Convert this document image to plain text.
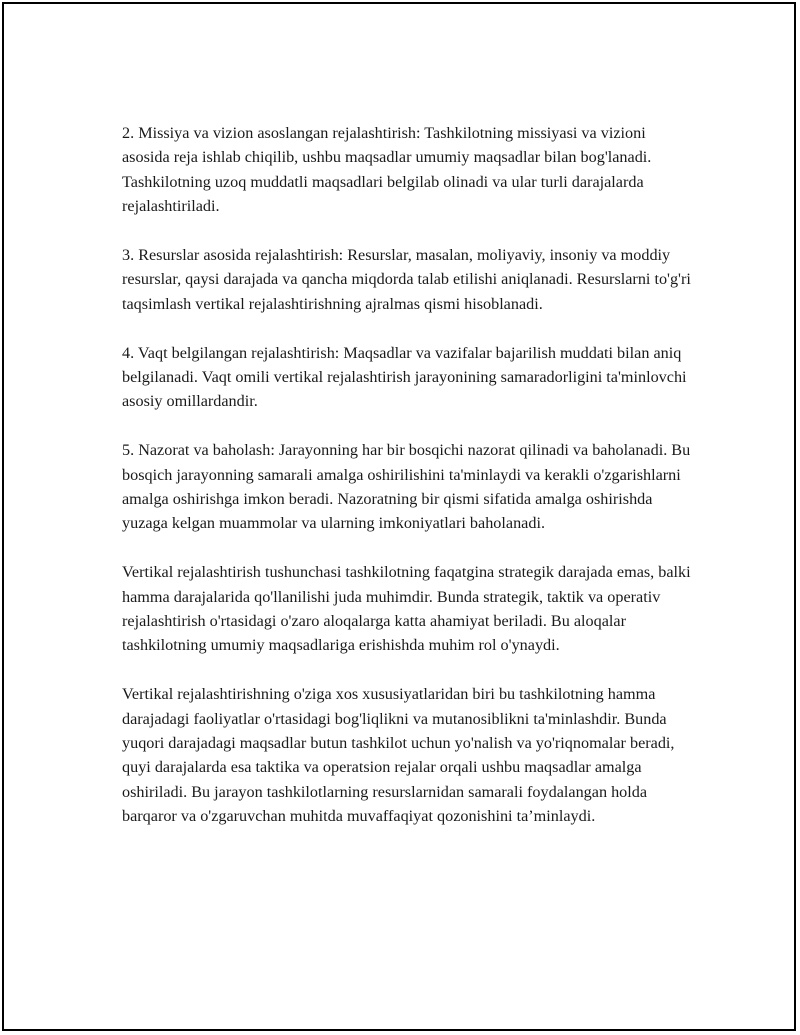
2. Missiya va vizion asoslangan rejalashtirish: Tashkilotning missiyasi va vizioni asosida reja ishlab chiqilib, ushbu maqsadlar umumiy maqsadlar bilan bog'lanadi. Tashkilotning uzoq muddatli maqsadlari belgilab olinadi va ular turli darajalarda rejalashtiriladi.

3. Resurslar asosida rejalashtirish: Resurslar, masalan, moliyaviy, insoniy va moddiy resurslar, qaysi darajada va qancha miqdorda talab etilishi aniqlanadi. Resurslarni to'g'ri taqsimlash vertikal rejalashtirishning ajralmas qismi hisoblanadi.

4. Vaqt belgilangan rejalashtirish: Maqsadlar va vazifalar bajarilish muddati bilan aniq belgilanadi. Vaqt omili vertikal rejalashtirish jarayonining samaradorligini ta'minlovchi asosiy omillardandir.

5. Nazorat va baholash: Jarayonning har bir bosqichi nazorat qilinadi va baholanadi. Bu bosqich jarayonning samarali amalga oshirilishini ta'minlaydi va kerakli o'zgarishlarni amalga oshirishga imkon beradi. Nazoratning bir qismi sifatida amalga oshirishda yuzaga kelgan muammolar va ularning imkoniyatlari baholanadi.

Vertikal rejalashtirish tushunchasi tashkilotning faqatgina strategik darajada emas, balki hamma darajalarida qo'llanilishi juda muhimdir. Bunda strategik, taktik va operativ rejalashtirish o'rtasidagi o'zaro aloqalarga katta ahamiyat beriladi. Bu aloqalar tashkilotning umumiy maqsadlariga erishishda muhim rol o'ynaydi.

Vertikal rejalashtirishning o'ziga xos xususiyatlaridan biri bu tashkilotning hamma darajadagi faoliyatlar o'rtasidagi bog'liqlikni va mutanosiblikni ta'minlashdir. Bunda yuqori darajadagi maqsadlar butun tashkilot uchun yo'nalish va yo'riqnomalar beradi, quyi darajalarda esa taktika va operatsion rejalar orqali ushbu maqsadlar amalga oshiriladi. Bu jarayon tashkilotlarning resurslarnidan samarali foydalangan holda barqaror va o'zgaruvchan muhitda muvaffaqiyat qozonishini ta’minlaydi.
